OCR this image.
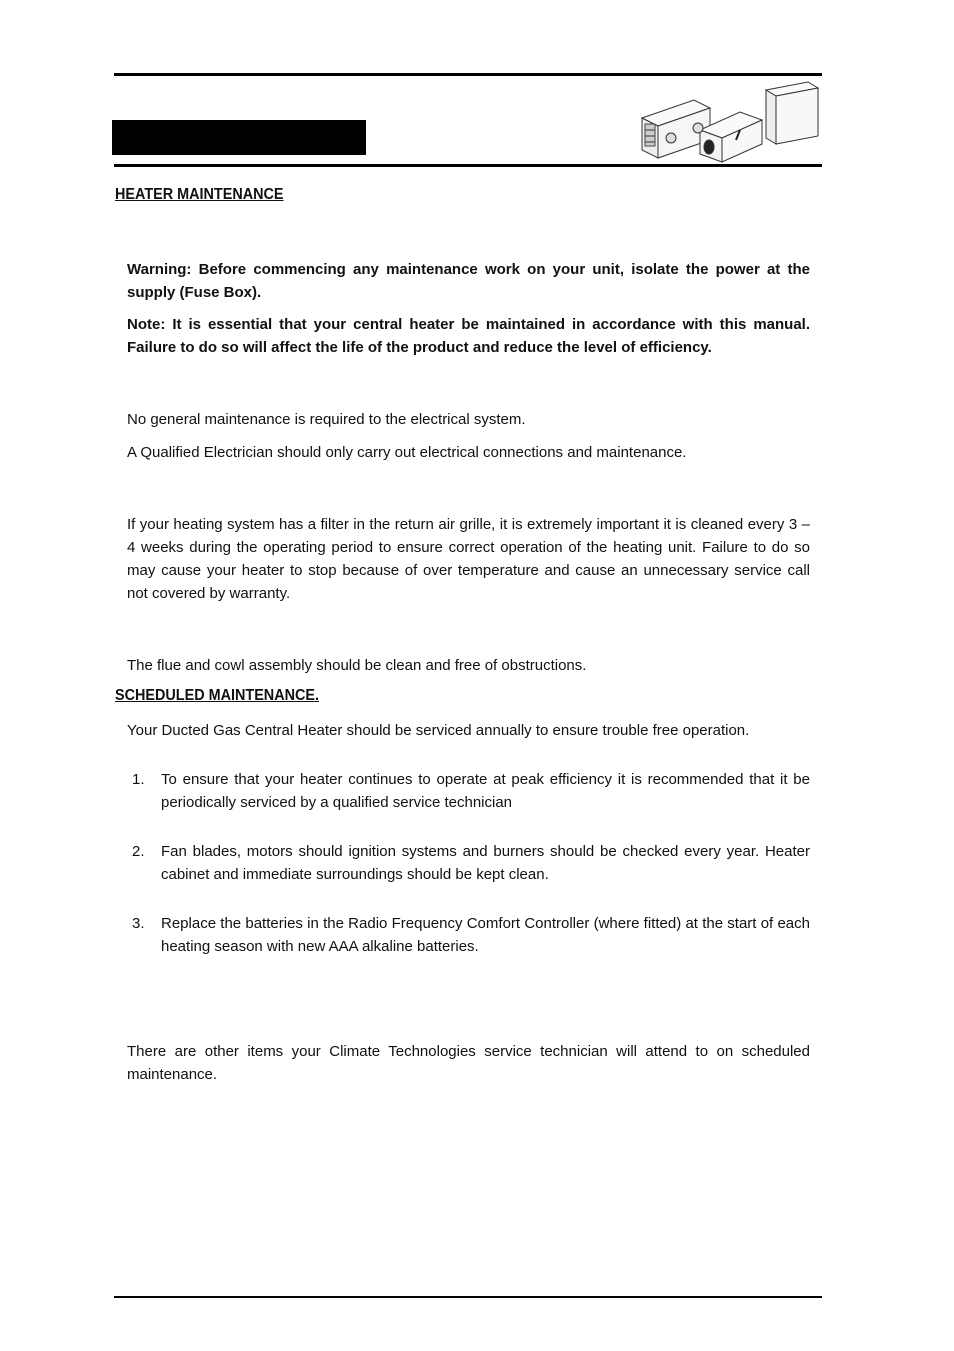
HEATER MAINTENANCE

Warning: Before commencing any maintenance work on your unit, isolate the power at the supply (Fuse Box).

Note: It is essential that your central heater be maintained in accordance with this manual. Failure to do so will affect the life of the product and reduce the level of efficiency.

No general maintenance is required to the electrical system.

A Qualified Electrician should only carry out electrical connections and maintenance.

If your heating system has a filter in the return air grille, it is extremely important it is cleaned every 3 – 4 weeks during the operating period to ensure correct operation of the heating unit. Failure to do so may cause your heater to stop because of over temperature and cause an unnecessary service call not covered by warranty.

The flue and cowl assembly should be clean and free of obstructions.

SCHEDULED MAINTENANCE.

Your Ducted Gas Central Heater should be serviced annually to ensure trouble free operation.

1. To ensure that your heater continues to operate at peak efficiency it is recommended that it be periodically serviced by a qualified service technician

2. Fan blades, motors should ignition systems and burners should be checked every year. Heater cabinet and immediate surroundings should be kept clean.

3. Replace the batteries in the Radio Frequency Comfort Controller (where fitted) at the start of each heating season with new AAA alkaline batteries.

There are other items your Climate Technologies service technician will attend to on scheduled maintenance.
